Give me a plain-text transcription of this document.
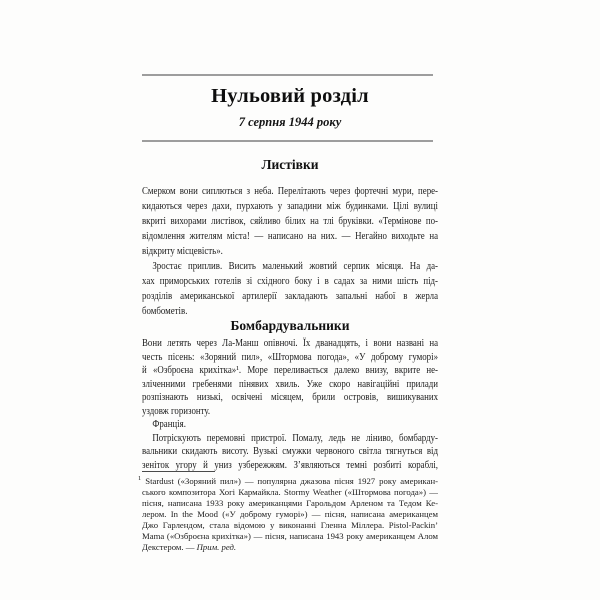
Нульовий розділ
7 серпня 1944 року
Листівки
Смерком вони сиплються з неба. Перелітають через фортечні мури, пере-
кидаються через дахи, пурхають у западини між будинками. Цілі вулиці
вкриті вихорами листівок, сяйливо білих на тлі бруківки. «Термінове по-
відомлення жителям міста! — написано на них. — Негайно виходьте на
відкриту місцевість».
Зростає приплив. Висить маленький жовтий серпик місяця. На да-
хах приморських готелів зі східного боку і в садах за ними шість під-
розділів американської артилерії закладають запальні набої в жерла
бомбометів.
Бомбардувальники
Вони летять через Ла-Манш опівночі. Їх дванадцять, і вони названі на
честь пісень: «Зоряний пил», «Штормова погода», «У доброму гуморі»
й «Озброєна крихітка»¹. Море переливається далеко внизу, вкрите не-
зліченними гребенями пінявих хвиль. Уже скоро навігаційні прилади
розпізнають низькі, освічені місяцем, брили островів, вишикуваних
уздовж горизонту.
Франція.
Потріскують перемовні пристрої. Помалу, ледь не ліниво, бомбарду-
вальники скидають висоту. Вузькі смужки червоного світла тягнуться від
зеніток угору й униз узбережжям. З’являються темні розбиті кораблі,
$^1$ Stardust («Зоряний пил») — популярна джазова пісня 1927 року американ-
ського композитора Хогі Кармайкла. Stormy Weather («Штормова погода») —
пісня, написана 1933 року американцями Гарольдом Арленом та Тедом Ке-
лером. In the Mood («У доброму гуморі») — пісня, написана американцем
Джо Гарлендом, стала відомою у виконанні Гленна Міллера. Pistol-Packin’
Mama («Озброєна крихітка») — пісня, написана 1943 року американцем Алом
Декстером. — Прим. ред.
